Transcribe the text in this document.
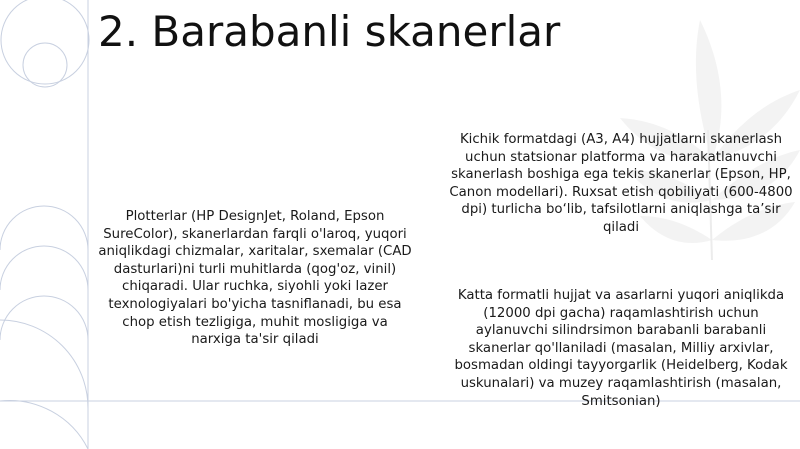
2. Barabanli skanerlar

Plotterlar (HP DesignJet, Roland, Epson SureColor), skanerlardan farqli o'laroq, yuqori aniqlikdagi chizmalar, xaritalar, sxemalar (CAD dasturlari)ni turli muhitlarda (qog'oz, vinil) chiqaradi. Ular ruchka, siyohli yoki lazer texnologiyalari bo'yicha tasniflanadi, bu esa chop etish tezligiga, muhit mosligiga va narxiga ta'sir qiladi

Kichik formatdagi (A3, A4) hujjatlarni skanerlash uchun statsionar platforma va harakatlanuvchi skanerlash boshiga ega tekis skanerlar (Epson, HP, Canon modellari). Ruxsat etish qobiliyati (600-4800 dpi) turlicha bo‘lib, tafsilotlarni aniqlashga ta’sir qiladi

Katta formatli hujjat va asarlarni yuqori aniqlikda (12000 dpi gacha) raqamlashtirish uchun aylanuvchi silindrsimon barabanli barabanli skanerlar qo'llaniladi (masalan, Milliy arxivlar, bosmadan oldingi tayyorgarlik (Heidelberg, Kodak uskunalari) va muzey raqamlashtirish (masalan, Smitsonian)
